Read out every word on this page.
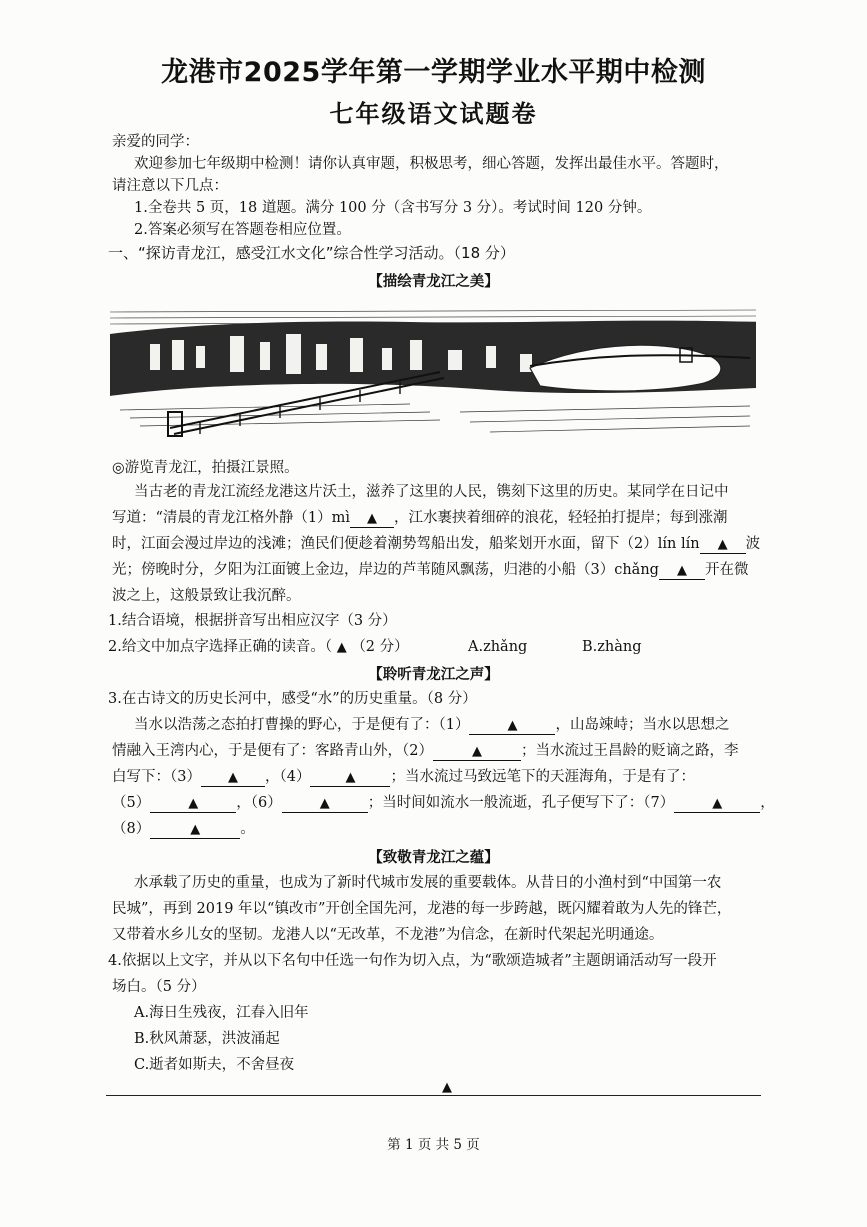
龙港市2025学年第一学期学业水平期中检测
七年级语文试题卷
亲爱的同学：
欢迎参加七年级期中检测！请你认真审题，积极思考，细心答题，发挥出最佳水平。答题时，
请注意以下几点：
1.全卷共 5 页，18 道题。满分 100 分（含书写分 3 分）。考试时间 120 分钟。
2.答案必须写在答题卷相应位置。
一、“探访青龙江，感受江水文化”综合性学习活动。（18 分）
【描绘青龙江之美】
◎游览青龙江，拍摄江景照。
当古老的青龙江流经龙港这片沃土，滋养了这里的人民，镌刻下这里的历史。某同学在日记中
写道：“清晨的青龙江格外静（1）mì ▲ ，江水裹挟着细碎的浪花，轻轻拍打提岸；每到涨潮
时，江面会漫过岸边的浅滩；渔民们便趁着潮势驾船出发，船桨划开水面，留下（2）lín lín ▲ 波
光；傍晚时分，夕阳为江面镀上金边，岸边的芦苇随风飘荡，归港的小船（3）chǎng ▲ 开在微
波之上，这般景致让我沉醉。
1.结合语境，根据拼音写出相应汉字（3 分）
2.给文中加点字选择正确的读音。（ ▲ （2 分）	A.zhǎng	B.zhàng
【聆听青龙江之声】
3.在古诗文的历史长河中，感受“水”的历史重量。（8 分）
当水以浩荡之态拍打曹操的野心，于是便有了：（1）	▲	，山岛竦峙；当水以思想之
情融入王湾内心，于是便有了：客路青山外，（2）	▲	；当水流过王昌龄的贬谪之路，李
白写下：（3） ▲ ，（4）	▲ ；当水流过马致远笔下的天涯海角，于是有了：
（5）	▲	，（6）	▲	；当时间如流水一般流逝，孔子便写下了：（7）	▲	，
（8）	▲	。
【致敬青龙江之蕴】
水承载了历史的重量，也成为了新时代城市发展的重要载体。从昔日的小渔村到“中国第一农
民城”，再到 2019 年以“镇改市”开创全国先河，龙港的每一步跨越，既闪耀着敢为人先的锋芒，
又带着水乡儿女的坚韧。龙港人以“无改革，不龙港”为信念，在新时代架起光明通途。
4.依据以上文字，并从以下名句中任选一句作为切入点，为“歌颂造城者”主题朗诵活动写一段开
场白。（5 分）
A.海日生残夜，江春入旧年
B.秋风萧瑟，洪波涌起
C.逝者如斯夫，不舍昼夜
▲
第 1 页 共 5 页
